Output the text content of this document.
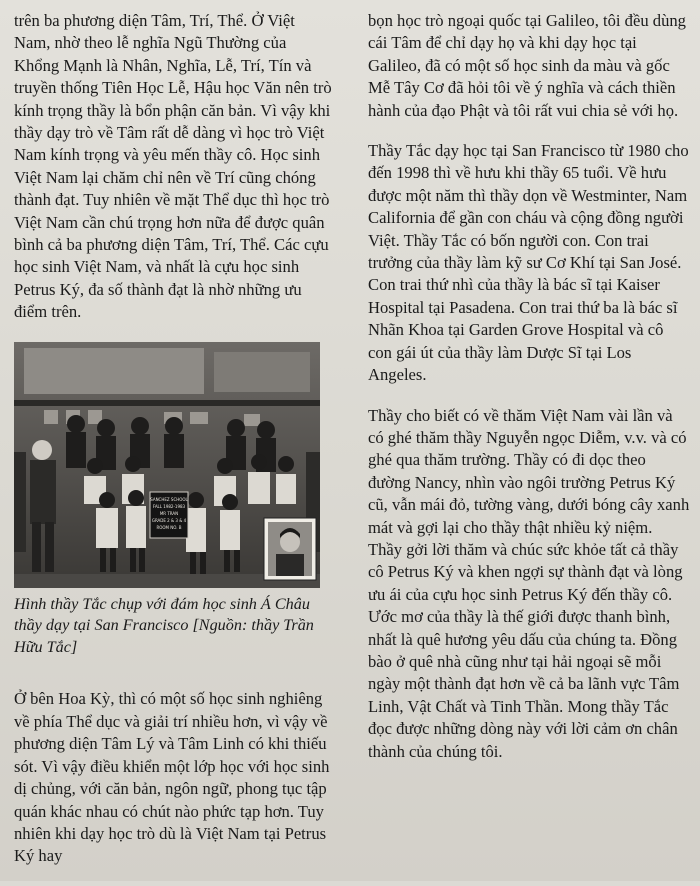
trên ba phương diện Tâm, Trí, Thể. Ở Việt Nam, nhờ theo lễ nghĩa Ngũ Thường của Khổng Mạnh là Nhân, Nghĩa, Lễ, Trí, Tín và truyền thống Tiên Học Lễ, Hậu học Văn nên trò kính trọng thầy là bổn phận căn bản. Vì vậy khi thầy dạy trò về Tâm rất dễ dàng vì học trò Việt Nam kính trọng và yêu mến thầy cô. Học sinh Việt Nam lại chăm chỉ nên về Trí cũng chóng thành đạt. Tuy nhiên về mặt Thể dục thì học trò Việt Nam cần chú trọng hơn nữa để được quân bình cả ba phương diện Tâm, Trí, Thể. Các cựu học sinh Việt Nam, và nhất là cựu học sinh Petrus Ký, đa số thành đạt là nhờ những ưu điểm trên.

SANCHEZ SCHOOL
FALL 1982-1983
MR TRAN
GRADE 2 & 3 & 4
ROOM NO. B

Hình thầy Tắc chụp với đám học sinh Á Châu thầy dạy tại San Francisco [Nguồn: thầy Trần Hữu Tắc]

Ở bên Hoa Kỳ, thì có một số học sinh nghiêng về phía Thể dục và giải trí nhiều hơn, vì vậy về phương diện Tâm Lý và Tâm Linh có khi thiếu sót. Vì vậy điều khiển một lớp học với học sinh dị chủng, với căn bản, ngôn ngữ, phong tục tập quán khác nhau có chút nào phức tạp hơn. Tuy nhiên khi dạy học trò dù là Việt Nam tại Petrus Ký hay

bọn học trò ngoại quốc tại Galileo, tôi đều dùng cái Tâm để chỉ dạy họ và khi dạy học tại Galileo, đã có một số học sinh da màu và gốc Mễ Tây Cơ đã hỏi tôi về ý nghĩa và cách thiền hành của đạo Phật và tôi rất vui chia sẻ với họ.

Thầy Tắc dạy học tại San Francisco từ 1980 cho đến 1998 thì về hưu khi thầy 65 tuổi. Về hưu được một năm thì thầy dọn về Westminter, Nam California để gần con cháu và cộng đồng người Việt. Thầy Tắc có bốn người con. Con trai trưởng của thầy làm kỹ sư Cơ Khí tại San José. Con trai thứ nhì của thầy là bác sĩ tại Kaiser Hospital tại Pasadena. Con trai thứ ba là bác sĩ Nhãn Khoa tại Garden Grove Hospital và cô con gái út của thầy làm Dược Sĩ tại Los Angeles.

Thầy cho biết có về thăm Việt Nam vài lần và có ghé thăm thầy Nguyễn ngọc Diễm, v.v. và có ghé qua thăm trường. Thầy có đi dọc theo đường Nancy, nhìn vào ngôi trường Petrus Ký cũ, vẫn mái đỏ, tường vàng, dưới bóng cây xanh mát và gợi lại cho thầy thật nhiều kỷ niệm. Thầy gởi lời thăm và chúc sức khỏe tất cả thầy cô Petrus Ký và khen ngợi sự thành đạt và lòng ưu ái của cựu học sinh Petrus Ký đến thầy cô. Ước mơ của thầy là thế giới được thanh bình, nhất là quê hương yêu dấu của chúng ta. Đồng bào ở quê nhà cũng như tại hải ngoại sẽ mỗi ngày một thành đạt hơn về cả ba lãnh vực Tâm Linh, Vật Chất và Tinh Thần. Mong thầy Tắc đọc được những dòng này với lời cảm ơn chân thành của chúng tôi.
